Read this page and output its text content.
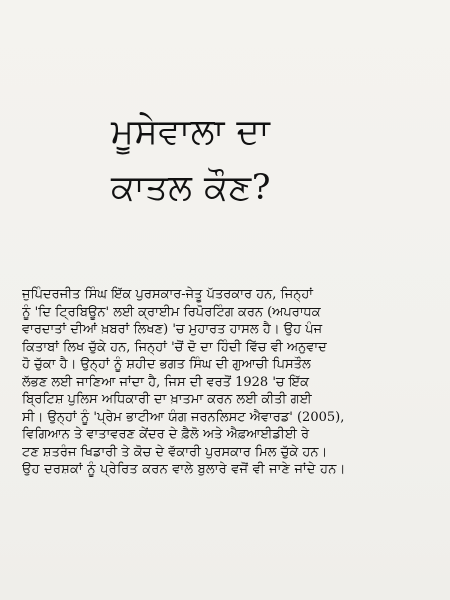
ਮੂਸੇਵਾਲਾ ਦਾ
ਕਾਤਲ ਕੌਣ?
ਜੁਪਿੰਦਰਜੀਤ ਸਿੰਘ ਇੱਕ ਪੁਰਸਕਾਰ-ਜੇਤੂ ਪੱਤਰਕਾਰ ਹਨ, ਜਿਨ੍ਹਾਂ
ਨੂੰ 'ਦਿ ਟ੍ਰਿਬਿਊਨ' ਲਈ ਕ੍ਰਾਈਮ ਰਿਪੋਰਟਿੰਗ ਕਰਨ (ਅਪਰਾਧਕ
ਵਾਰਦਾਤਾਂ ਦੀਆਂ ਖ਼ਬਰਾਂ ਲਿਖਣ) 'ਚ ਮੁਹਾਰਤ ਹਾਸਲ ਹੈ। ਉਹ ਪੰਜ
ਕਿਤਾਬਾਂ ਲਿਖ ਚੁੱਕੇ ਹਨ, ਜਿਨ੍ਹਾਂ 'ਚੋਂ ਦੋ ਦਾ ਹਿੰਦੀ ਵਿੱਚ ਵੀ ਅਨੁਵਾਦ
ਹੋ ਚੁੱਕਾ ਹੈ। ਉਨ੍ਹਾਂ ਨੂੰ ਸ਼ਹੀਦ ਭਗਤ ਸਿੰਘ ਦੀ ਗੁਆਚੀ ਪਿਸਤੌਲ
ਲੱਭਣ ਲਈ ਜਾਣਿਆ ਜਾਂਦਾ ਹੈ, ਜਿਸ ਦੀ ਵਰਤੋਂ 1928 'ਚ ਇੱਕ
ਬ੍ਰਿਟਿਸ਼ ਪੁਲਿਸ ਅਧਿਕਾਰੀ ਦਾ ਖ਼ਾਤਮਾ ਕਰਨ ਲਈ ਕੀਤੀ ਗਈ
ਸੀ। ਉਨ੍ਹਾਂ ਨੂੰ 'ਪ੍ਰੇਮ ਭਾਟੀਆ ਯੰਗ ਜਰਨਲਿਸਟ ਐਵਾਰਡ' (2005),
ਵਿਗਿਆਨ ਤੇ ਵਾਤਾਵਰਣ ਕੇਂਦਰ ਦੇ ਫ਼ੈਲੋ ਅਤੇ ਐਫ਼ਆਈਡੀਈ ਰੇ
ਟਣ ਸ਼ਤਰੰਜ ਖਿਡਾਰੀ ਤੇ ਕੋਚ ਦੇ ਵੱਕਾਰੀ ਪੁਰਸਕਾਰ ਮਿਲ ਚੁੱਕੇ ਹਨ।
ਉਹ ਦਰਸ਼ਕਾਂ ਨੂੰ ਪ੍ਰੇਰਿਤ ਕਰਨ ਵਾਲੇ ਬੁਲਾਰੇ ਵਜੋਂ ਵੀ ਜਾਣੇ ਜਾਂਦੇ ਹਨ।
